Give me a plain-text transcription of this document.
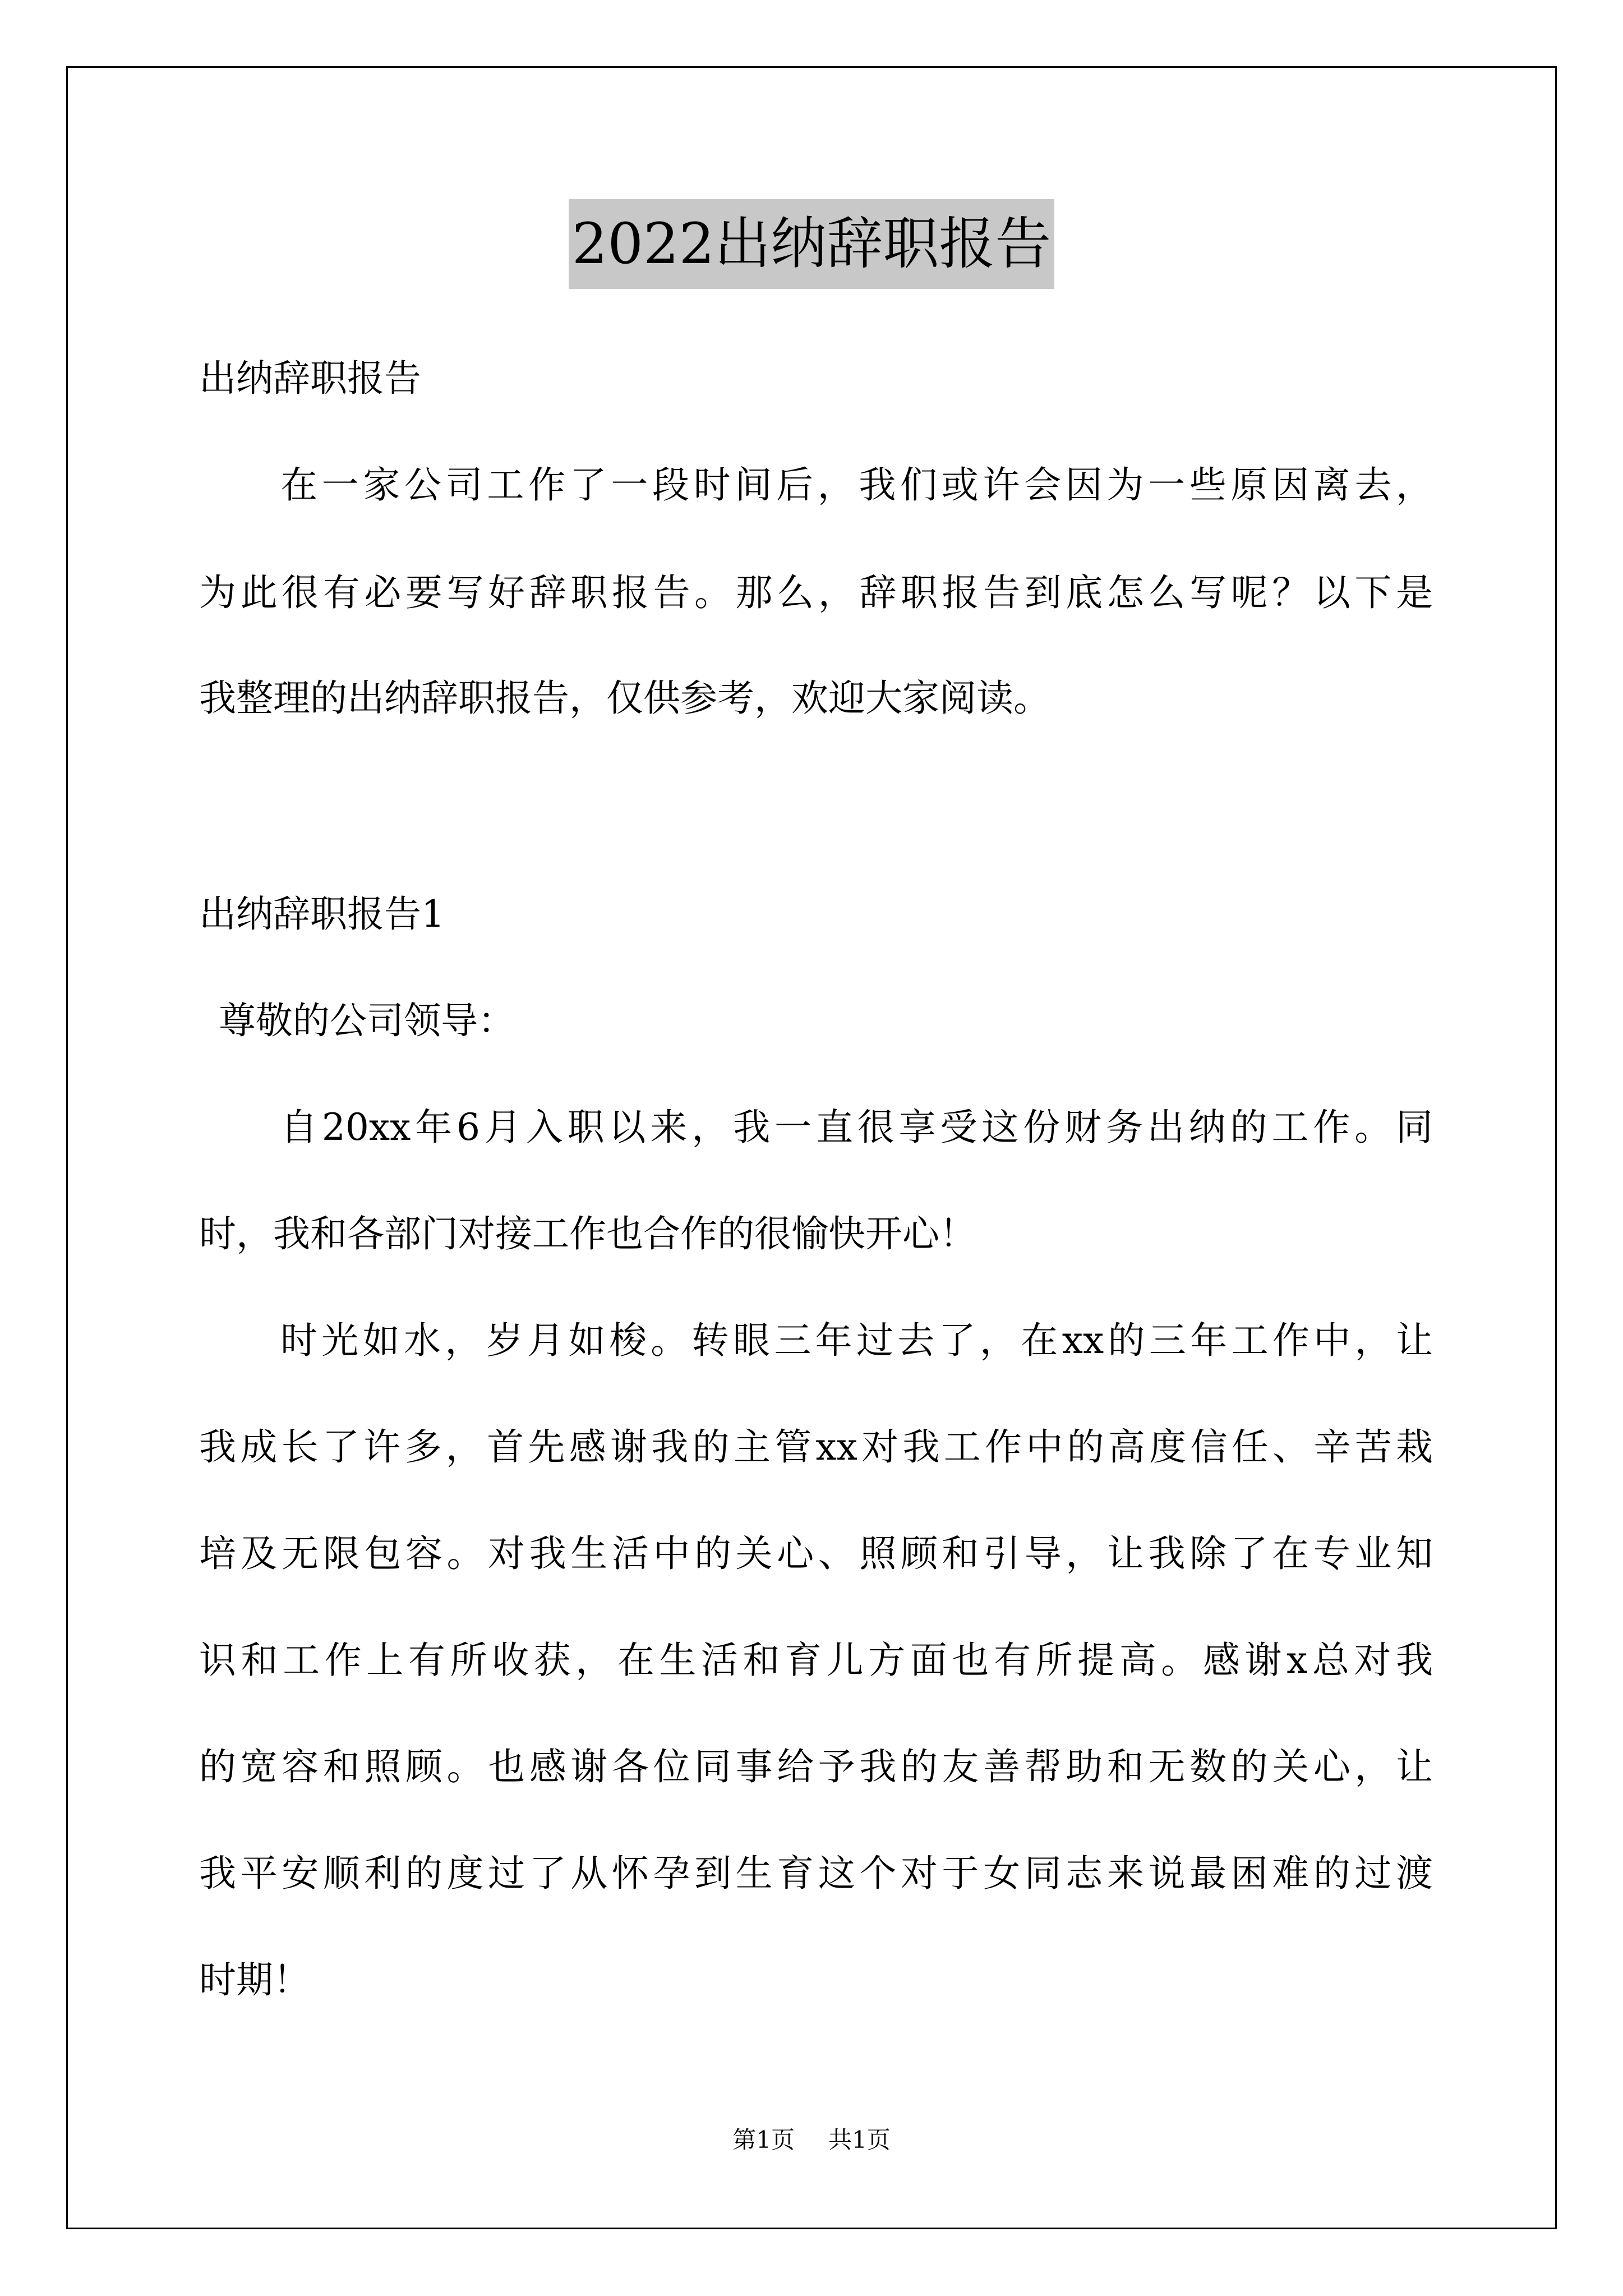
2022出纳辞职报告
出纳辞职报告
在一家公司工作了一段时间后，我们或许会因为一些原因离去，
为此很有必要写好辞职报告。那么，辞职报告到底怎么写呢？以下是
我整理的出纳辞职报告，仅供参考，欢迎大家阅读。
出纳辞职报告1
尊敬的公司领导：
自20xx年6月入职以来，我一直很享受这份财务出纳的工作。同
时，我和各部门对接工作也合作的很愉快开心！
时光如水，岁月如梭。转眼三年过去了，在xx的三年工作中，让
我成长了许多，首先感谢我的主管xx对我工作中的高度信任、辛苦栽
培及无限包容。对我生活中的关心、照顾和引导，让我除了在专业知
识和工作上有所收获，在生活和育儿方面也有所提高。感谢x总对我
的宽容和照顾。也感谢各位同事给予我的友善帮助和无数的关心，让
我平安顺利的度过了从怀孕到生育这个对于女同志来说最困难的过渡
时期！
第1页 共1页
